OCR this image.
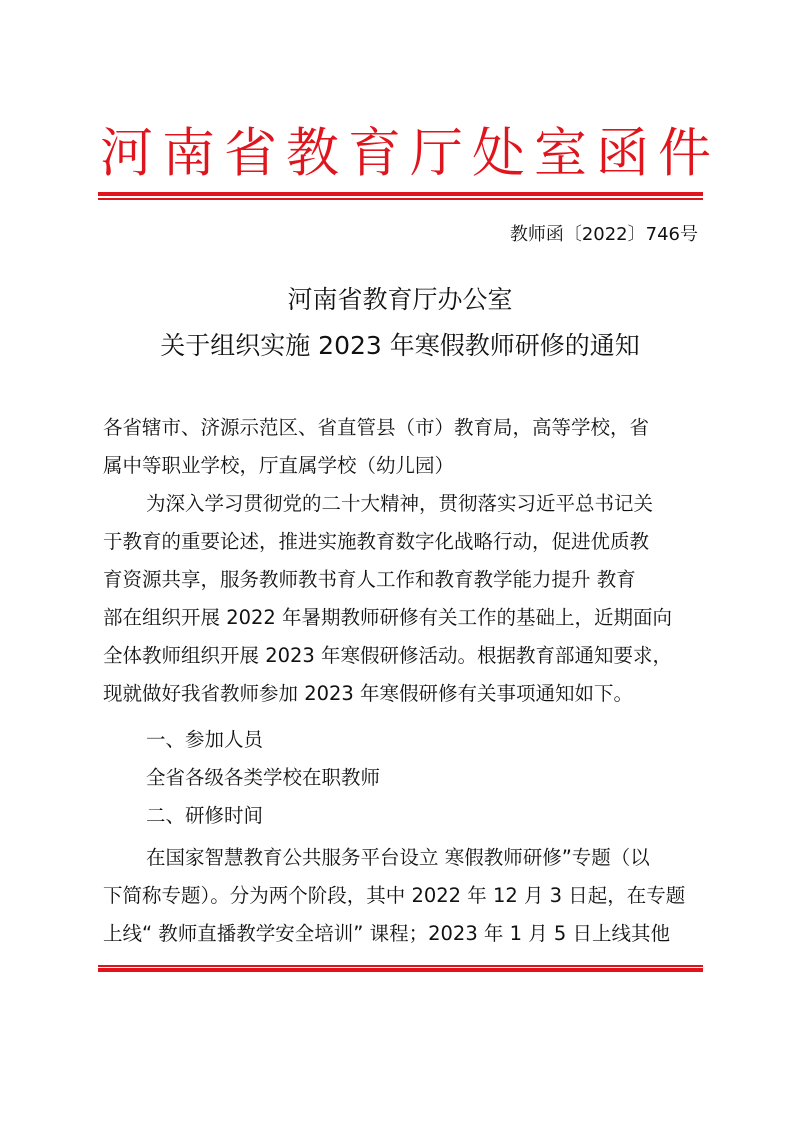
河南省教育厅处室函件
教师函〔2022〕746号
河南省教育厅办公室
关于组织实施 2023 年寒假教师研修的通知
各省辖市、济源示范区、省直管县（市）教育局，高等学校，省
属中等职业学校，厅直属学校（幼儿园）
为深入学习贯彻党的二十大精神，贯彻落实习近平总书记关
于教育的重要论述，推进实施教育数字化战略行动，促进优质教
育资源共享，服务教师教书育人工作和教育教学能力提升 教育
部在组织开展 2022 年暑期教师研修有关工作的基础上，近期面向
全体教师组织开展 2023 年寒假研修活动。根据教育部通知要求，
现就做好我省教师参加 2023 年寒假研修有关事项通知如下。
一、参加人员
全省各级各类学校在职教师
二、研修时间
在国家智慧教育公共服务平台设立 寒假教师研修”专题（以
下简称专题）。分为两个阶段，其中 2022 年 12 月 3 日起，在专题
上线“ 教师直播教学安全培训” 课程；2023 年 1 月 5 日上线其他
